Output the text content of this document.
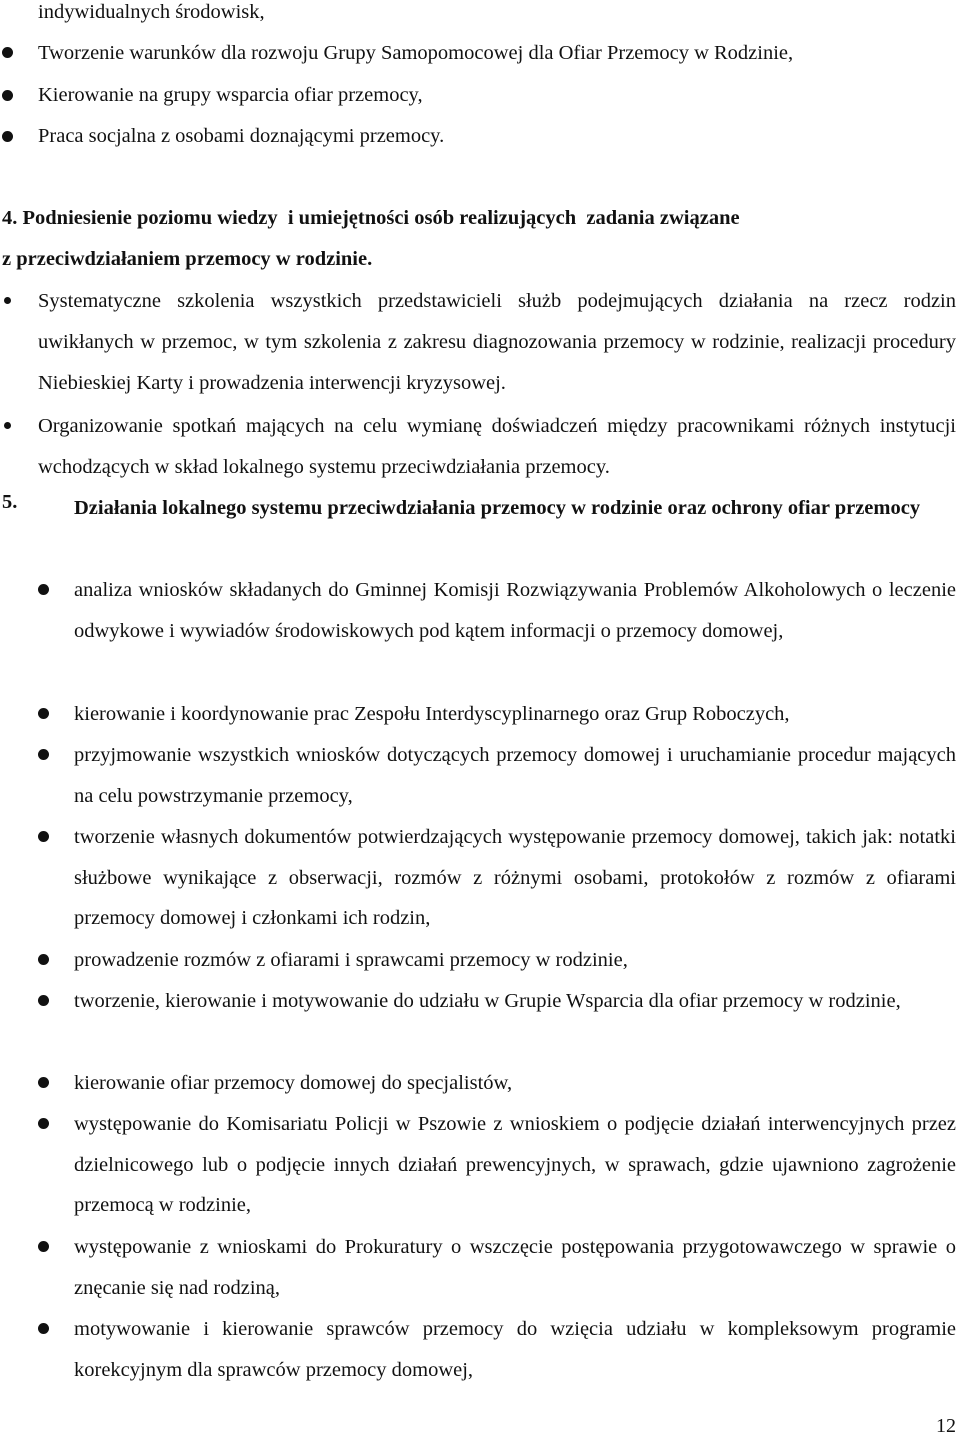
indywidualnych środowisk,
Tworzenie warunków dla rozwoju Grupy Samopomocowej dla Ofiar Przemocy w Rodzinie,
Kierowanie na grupy wsparcia ofiar przemocy,
Praca socjalna z osobami doznającymi przemocy.
4. Podniesienie poziomu wiedzy  i umiejętności osób realizujących  zadania związane
z przeciwdziałaniem przemocy w rodzinie.
Systematyczne szkolenia wszystkich przedstawicieli służb podejmujących działania na rzecz rodzin uwikłanych w przemoc, w tym szkolenia z zakresu diagnozowania przemocy w rodzinie, realizacji procedury Niebieskiej Karty i prowadzenia interwencji kryzysowej.
Organizowanie spotkań mających na celu wymianę doświadczeń między pracownikami różnych instytucji wchodzących w skład lokalnego systemu przeciwdziałania przemocy.
5.	Działania lokalnego systemu przeciwdziałania przemocy w rodzinie oraz ochrony ofiar przemocy
analiza wniosków składanych do Gminnej Komisji Rozwiązywania Problemów Alkoholowych o leczenie odwykowe i wywiadów środowiskowych pod kątem informacji o przemocy domowej,
kierowanie i koordynowanie prac Zespołu Interdyscyplinarnego oraz Grup Roboczych,
przyjmowanie wszystkich wniosków dotyczących przemocy domowej i uruchamianie procedur mających na celu powstrzymanie przemocy,
tworzenie własnych dokumentów potwierdzających występowanie przemocy domowej, takich jak: notatki służbowe wynikające z obserwacji, rozmów z różnymi osobami, protokołów z rozmów z ofiarami przemocy domowej i członkami ich rodzin,
prowadzenie rozmów z ofiarami i sprawcami przemocy w rodzinie,
tworzenie, kierowanie i motywowanie do udziału w Grupie Wsparcia dla ofiar przemocy w rodzinie,
kierowanie ofiar przemocy domowej do specjalistów,
występowanie do Komisariatu Policji w Pszowie z wnioskiem o podjęcie działań interwencyjnych przez dzielnicowego lub o podjęcie innych działań prewencyjnych, w sprawach, gdzie ujawniono zagrożenie przemocą w rodzinie,
występowanie z wnioskami do Prokuratury o wszczęcie postępowania przygotowawczego w sprawie o znęcanie się nad rodziną,
motywowanie i kierowanie sprawców przemocy do wzięcia udziału w kompleksowym programie korekcyjnym dla sprawców przemocy domowej,
12
